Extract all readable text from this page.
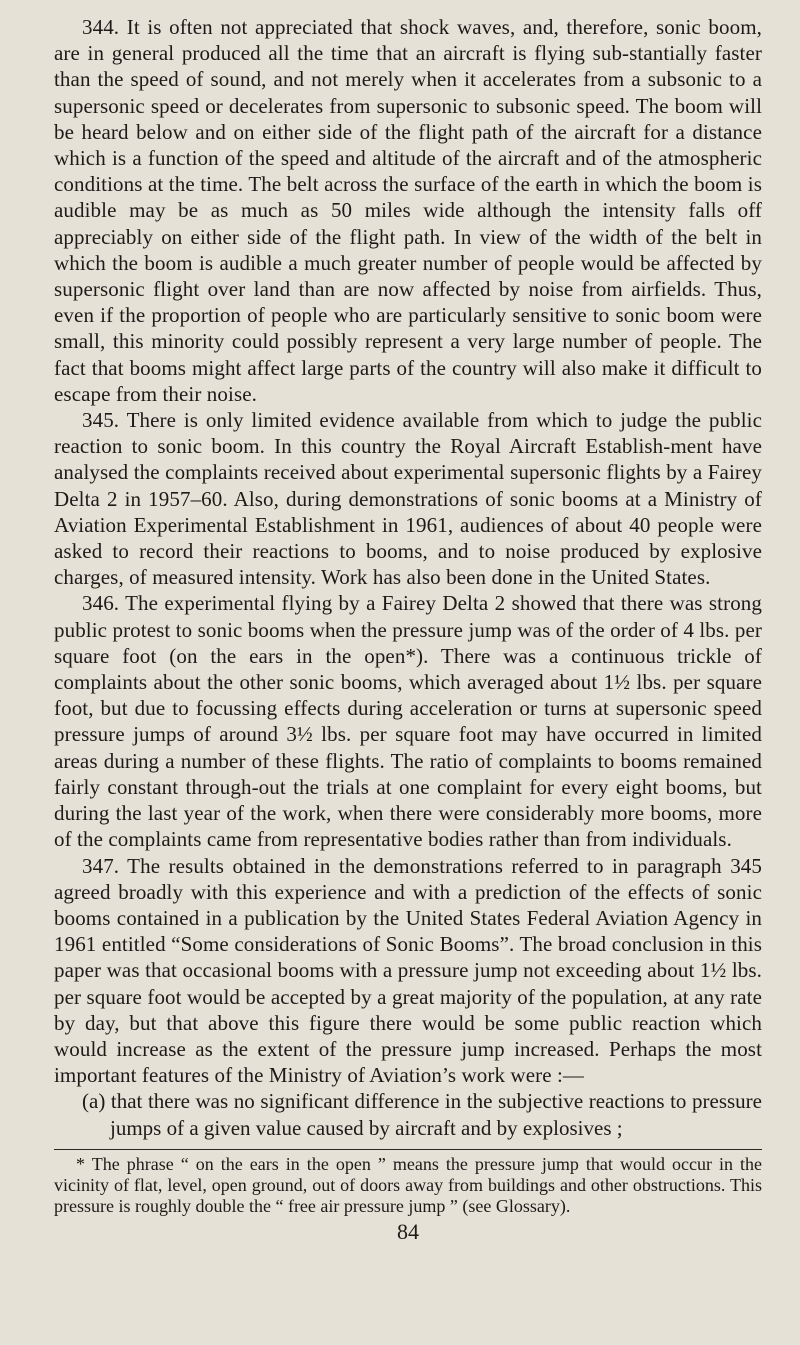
344. It is often not appreciated that shock waves, and, therefore, sonic boom, are in general produced all the time that an aircraft is flying sub-stantially faster than the speed of sound, and not merely when it accelerates from a subsonic to a supersonic speed or decelerates from supersonic to subsonic speed. The boom will be heard below and on either side of the flight path of the aircraft for a distance which is a function of the speed and altitude of the aircraft and of the atmospheric conditions at the time. The belt across the surface of the earth in which the boom is audible may be as much as 50 miles wide although the intensity falls off appreciably on either side of the flight path. In view of the width of the belt in which the boom is audible a much greater number of people would be affected by supersonic flight over land than are now affected by noise from airfields. Thus, even if the proportion of people who are particularly sensitive to sonic boom were small, this minority could possibly represent a very large number of people. The fact that booms might affect large parts of the country will also make it difficult to escape from their noise.

345. There is only limited evidence available from which to judge the public reaction to sonic boom. In this country the Royal Aircraft Establish-ment have analysed the complaints received about experimental supersonic flights by a Fairey Delta 2 in 1957–60. Also, during demonstrations of sonic booms at a Ministry of Aviation Experimental Establishment in 1961, audiences of about 40 people were asked to record their reactions to booms, and to noise produced by explosive charges, of measured intensity. Work has also been done in the United States.

346. The experimental flying by a Fairey Delta 2 showed that there was strong public protest to sonic booms when the pressure jump was of the order of 4 lbs. per square foot (on the ears in the open*). There was a continuous trickle of complaints about the other sonic booms, which averaged about 1½ lbs. per square foot, but due to focussing effects during acceleration or turns at supersonic speed pressure jumps of around 3½ lbs. per square foot may have occurred in limited areas during a number of these flights. The ratio of complaints to booms remained fairly constant through-out the trials at one complaint for every eight booms, but during the last year of the work, when there were considerably more booms, more of the complaints came from representative bodies rather than from individuals.

347. The results obtained in the demonstrations referred to in paragraph 345 agreed broadly with this experience and with a prediction of the effects of sonic booms contained in a publication by the United States Federal Aviation Agency in 1961 entitled “Some considerations of Sonic Booms”. The broad conclusion in this paper was that occasional booms with a pressure jump not exceeding about 1½ lbs. per square foot would be accepted by a great majority of the population, at any rate by day, but that above this figure there would be some public reaction which would increase as the extent of the pressure jump increased. Perhaps the most important features of the Ministry of Aviation’s work were :—

(a) that there was no significant difference in the subjective reactions to pressure jumps of a given value caused by aircraft and by explosives ;

* The phrase “ on the ears in the open ” means the pressure jump that would occur in the vicinity of flat, level, open ground, out of doors away from buildings and other obstructions. This pressure is roughly double the “ free air pressure jump ” (see Glossary).

84
